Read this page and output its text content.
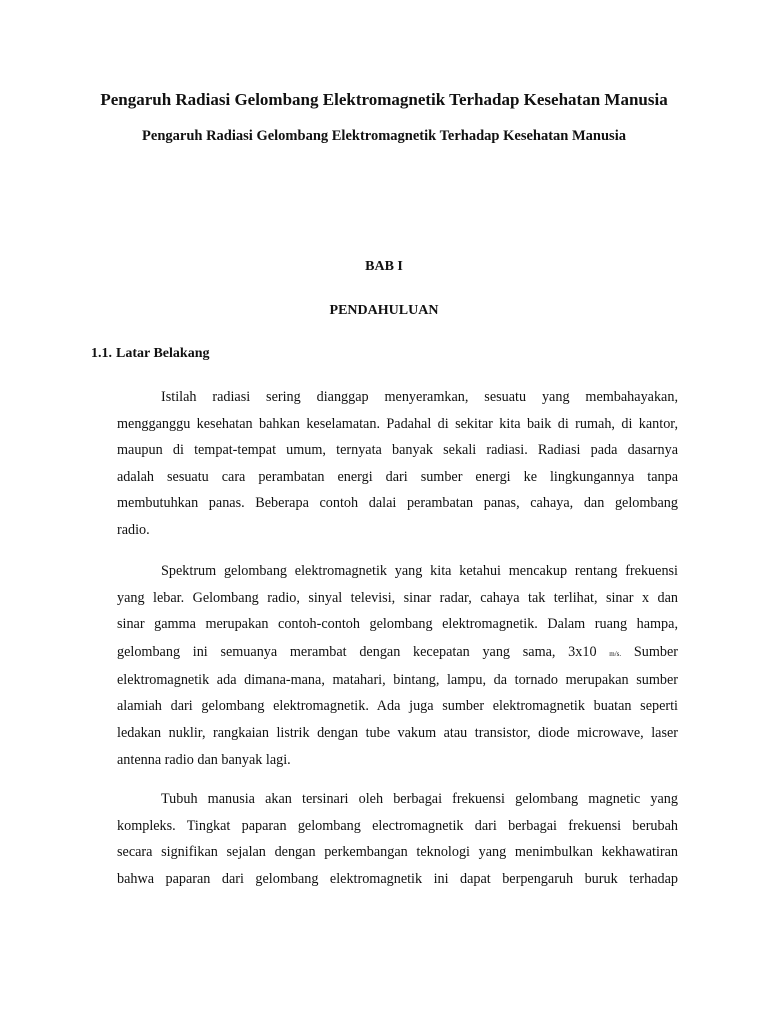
Pengaruh Radiasi Gelombang Elektromagnetik Terhadap Kesehatan Manusia
Pengaruh Radiasi Gelombang Elektromagnetik Terhadap Kesehatan Manusia
BAB I
PENDAHULUAN
1.1. Latar Belakang
Istilah radiasi sering dianggap menyeramkan, sesuatu yang membahayakan,
mengganggu kesehatan bahkan keselamatan. Padahal di sekitar kita baik di rumah, di kantor,
maupun di tempat-tempat umum, ternyata banyak sekali radiasi. Radiasi pada dasarnya
adalah sesuatu cara perambatan energi dari sumber energi ke lingkungannya tanpa
membutuhkan panas. Beberapa contoh dalai perambatan panas, cahaya, dan gelombang
radio.
Spektrum gelombang elektromagnetik yang kita ketahui mencakup rentang frekuensi
yang lebar. Gelombang radio, sinyal televisi, sinar radar, cahaya tak terlihat, sinar x dan
sinar gamma merupakan contoh-contoh gelombang elektromagnetik. Dalam ruang hampa,
gelombang ini semuanya merambat dengan kecepatan yang sama, 3x10 m/s. Sumber
elektromagnetik ada dimana-mana, matahari, bintang, lampu, da tornado merupakan sumber
alamiah dari gelombang elektromagnetik. Ada juga sumber elektromagnetik buatan seperti
ledakan nuklir, rangkaian listrik dengan tube vakum atau transistor, diode microwave, laser
antenna radio dan banyak lagi.
Tubuh manusia akan tersinari oleh berbagai frekuensi gelombang magnetic yang
kompleks. Tingkat paparan gelombang electromagnetik dari berbagai frekuensi berubah
secara signifikan sejalan dengan perkembangan teknologi yang menimbulkan kekhawatiran
bahwa paparan dari gelombang elektromagnetik ini dapat berpengaruh buruk terhadap
